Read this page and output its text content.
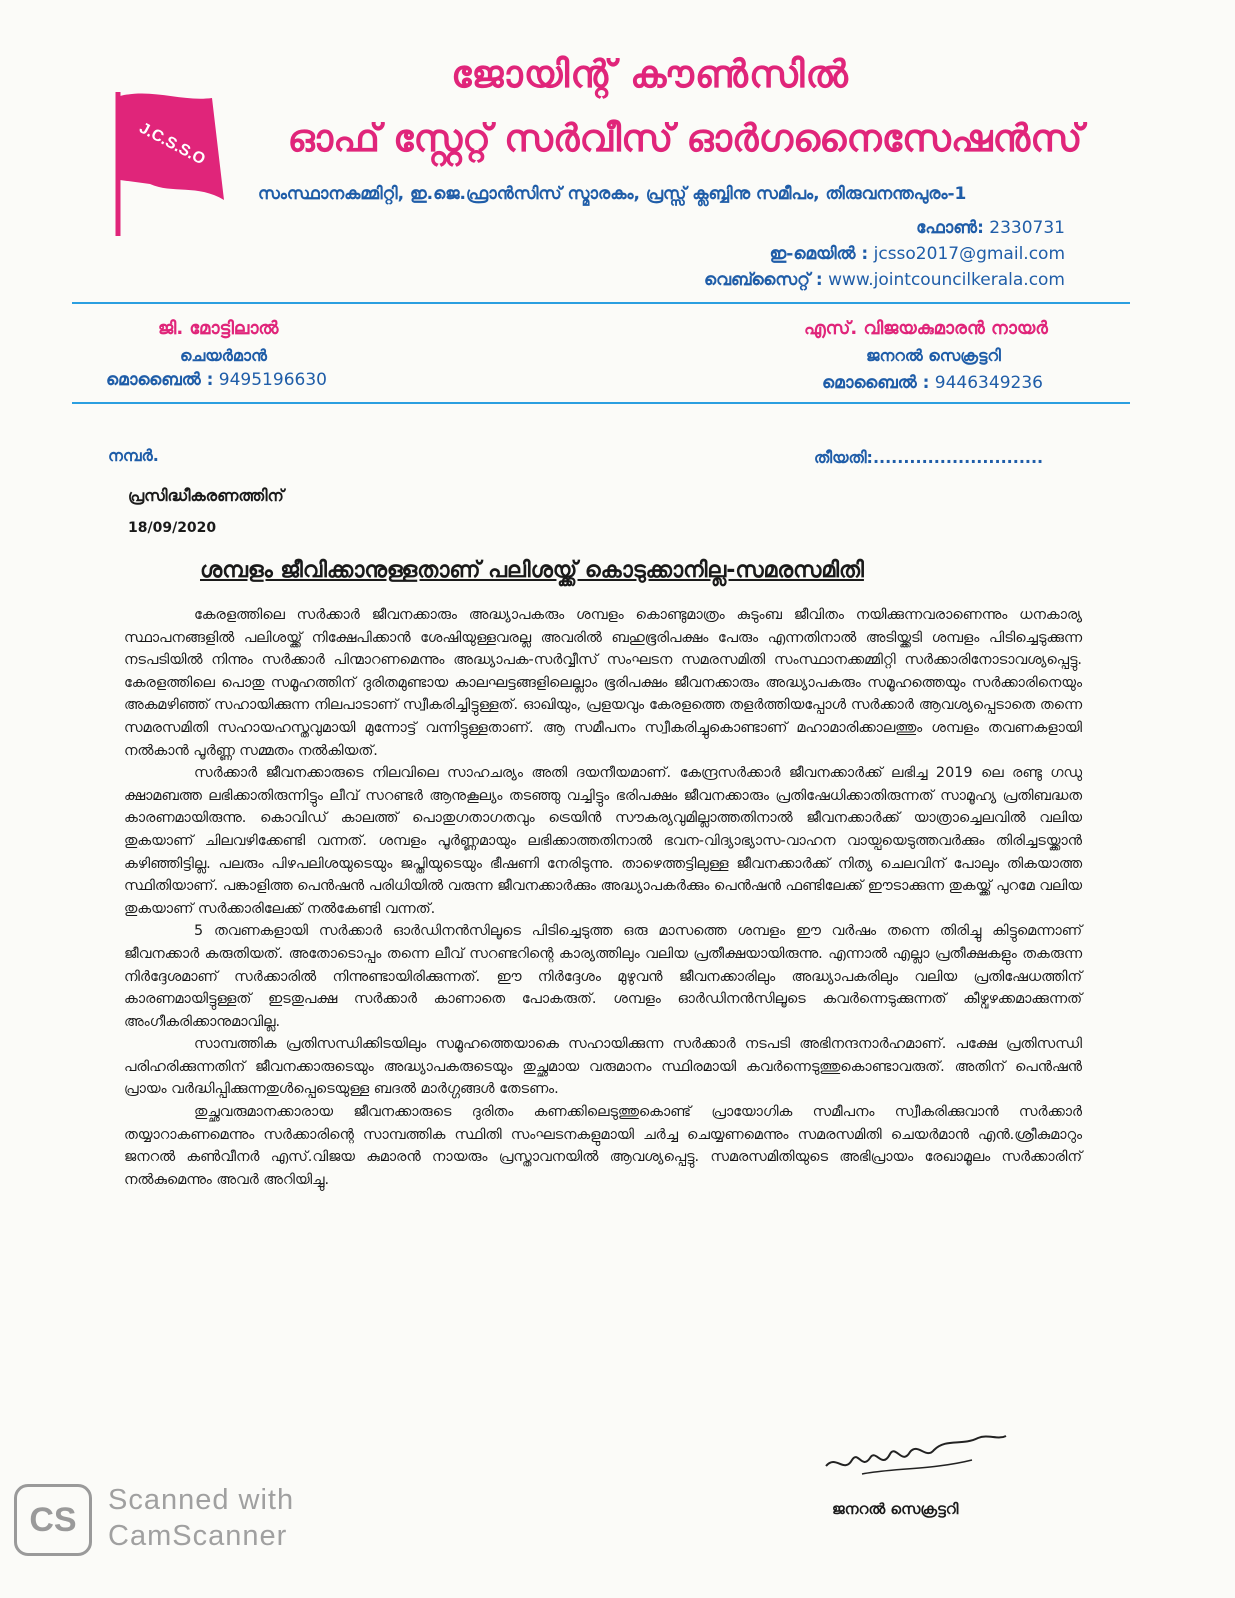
J.C.S.S.O
ജോയിന്റ് കൗൺസിൽ
ഓഫ് സ്റ്റേറ്റ് സർവീസ് ഓർഗനൈസേഷൻസ്
സംസ്ഥാനകമ്മിറ്റി, ഇ.ജെ.ഫ്രാൻസിസ് സ്മാരകം, പ്രസ്സ് ക്ലബ്ബിനു സമീപം, തിരുവനന്തപുരം-1
ഫോൺ: 2330731
ഇ-മെയിൽ : jcsso2017@gmail.com
വെബ്സൈറ്റ് : www.jointcouncilkerala.com
ജി. മോട്ടിലാൽ
ചെയർമാൻ
മൊബൈൽ : 9495196630
എസ്. വിജയകുമാരൻ നായർ
ജനറൽ സെക്രട്ടറി
മൊബൈൽ : 9446349236
നമ്പർ.	തീയതി:............................
പ്രസിദ്ധീകരണത്തിന്
18/09/2020
ശമ്പളം ജീവിക്കാനുള്ളതാണ് പലിശയ്ക്ക് കൊടുക്കാനില്ല-സമരസമിതി

കേരളത്തിലെ സർക്കാർ ജീവനക്കാരും അദ്ധ്യാപകരും ശമ്പളം കൊണ്ടുമാത്രം കുടുംബ ജീവിതം നയിക്കുന്നവരാണെന്നും ധനകാര്യ സ്ഥാപനങ്ങളിൽ പലിശയ്ക്ക് നിക്ഷേപിക്കാൻ ശേഷിയുള്ളവരല്ല അവരിൽ ബഹുഭൂരിപക്ഷം പേരും എന്നതിനാൽ അടിയ്ക്കടി ശമ്പളം പിടിച്ചെടുക്കുന്ന നടപടിയിൽ നിന്നും സർക്കാർ പിന്മാറണമെന്നും അദ്ധ്യാപക-സർവ്വീസ് സംഘടന സമരസമിതി സംസ്ഥാനക്കമ്മിറ്റി സർക്കാരിനോടാവശ്യപ്പെട്ടു. കേരളത്തിലെ പൊതു സമൂഹത്തിന് ദുരിതമുണ്ടായ കാലഘട്ടങ്ങളിലെല്ലാം ഭൂരിപക്ഷം ജീവനക്കാരും അദ്ധ്യാപകരും സമൂഹത്തെയും സർക്കാരിനെയും അകമഴിഞ്ഞ് സഹായിക്കുന്ന നിലപാടാണ് സ്വീകരിച്ചിട്ടുള്ളത്. ഓഖിയും, പ്രളയവും കേരളത്തെ തളർത്തിയപ്പോൾ സർക്കാർ ആവശ്യപ്പെടാതെ തന്നെ സമരസമിതി സഹായഹസ്തവുമായി മുന്നോട്ട് വന്നിട്ടുള്ളതാണ്. ആ സമീപനം സ്വീകരിച്ചുകൊണ്ടാണ് മഹാമാരിക്കാലത്തും ശമ്പളം തവണകളായി നൽകാൻ പൂർണ്ണ സമ്മതം നൽകിയത്.

സർക്കാർ ജീവനക്കാരുടെ നിലവിലെ സാഹചര്യം അതി ദയനീയമാണ്. കേന്ദ്രസർക്കാർ ജീവനക്കാർക്ക് ലഭിച്ച 2019 ലെ രണ്ടു ഗഡു ക്ഷാമബത്ത ലഭിക്കാതിരുന്നിട്ടും ലീവ് സറണ്ടർ ആനുകൂല്യം തടഞ്ഞു വച്ചിട്ടും ഭരിപക്ഷം ജീവനക്കാരും പ്രതിഷേധിക്കാതിരുന്നത് സാമൂഹ്യ പ്രതിബദ്ധത കാരണമായിരുന്നു. കൊവിഡ് കാലത്ത് പൊതുഗതാഗതവും ട്രെയിൻ സൗകര്യവുമില്ലാത്തതിനാൽ ജീവനക്കാർക്ക് യാത്രാച്ചെലവിൽ വലിയ തുകയാണ് ചിലവഴിക്കേണ്ടി വന്നത്. ശമ്പളം പൂർണ്ണമായും ലഭിക്കാത്തതിനാൽ ഭവന-വിദ്യാഭ്യാസ-വാഹന വായ്പയെടുത്തവർക്കും തിരിച്ചടയ്ക്കാൻ കഴിഞ്ഞിട്ടില്ല. പലരും പിഴപലിശയുടെയും ജപ്തിയുടെയും ഭീഷണി നേരിടുന്നു. താഴെത്തട്ടിലുള്ള ജീവനക്കാർക്ക് നിത്യ ചെലവിന് പോലും തികയാത്ത സ്ഥിതിയാണ്. പങ്കാളിത്ത പെൻഷൻ പരിധിയിൽ വരുന്ന ജീവനക്കാർക്കും അദ്ധ്യാപകർക്കും പെൻഷൻ ഫണ്ടിലേക്ക് ഈടാക്കുന്ന തുകയ്ക്ക് പുറമേ വലിയ തുകയാണ് സർക്കാരിലേക്ക് നൽകേണ്ടി വന്നത്.

5 തവണകളായി സർക്കാർ ഓർഡിനൻസിലൂടെ പിടിച്ചെടുത്ത ഒരു മാസത്തെ ശമ്പളം ഈ വർഷം തന്നെ തിരിച്ചു കിട്ടുമെന്നാണ് ജീവനക്കാർ കരുതിയത്. അതോടൊപ്പം തന്നെ ലീവ് സറണ്ടറിന്റെ കാര്യത്തിലും വലിയ പ്രതീക്ഷയായിരുന്നു. എന്നാൽ എല്ലാ പ്രതീക്ഷകളും തകരുന്ന നിർദ്ദേശമാണ് സർക്കാരിൽ നിന്നുണ്ടായിരിക്കുന്നത്. ഈ നിർദ്ദേശം മുഴുവൻ ജീവനക്കാരിലും അദ്ധ്യാപകരിലും വലിയ പ്രതിഷേധത്തിന് കാരണമായിട്ടുള്ളത് ഇടതുപക്ഷ സർക്കാർ കാണാതെ പോകരുത്. ശമ്പളം ഓർഡിനൻസിലൂടെ കവർന്നെടുക്കുന്നത് കീഴ്വഴക്കമാക്കുന്നത് അംഗീകരിക്കാനുമാവില്ല.

സാമ്പത്തിക പ്രതിസന്ധിക്കിടയിലും സമൂഹത്തെയാകെ സഹായിക്കുന്ന സർക്കാർ നടപടി അഭിനന്ദനാർഹമാണ്. പക്ഷേ പ്രതിസന്ധി പരിഹരിക്കുന്നതിന് ജീവനക്കാരുടെയും അദ്ധ്യാപകരുടെയും തുച്ഛമായ വരുമാനം സ്ഥിരമായി കവർന്നെടുത്തുകൊണ്ടാവരുത്. അതിന് പെൻഷൻ പ്രായം വർദ്ധിപ്പിക്കുന്നതുൾപ്പെടെയുള്ള ബദൽ മാർഗ്ഗങ്ങൾ തേടണം.

തുച്ഛവരുമാനക്കാരായ ജീവനക്കാരുടെ ദുരിതം കണക്കിലെടുത്തുകൊണ്ട് പ്രായോഗിക സമീപനം സ്വീകരിക്കുവാൻ സർക്കാർ തയ്യാറാകണമെന്നും സർക്കാരിന്റെ സാമ്പത്തിക സ്ഥിതി സംഘടനകളുമായി ചർച്ച ചെയ്യണമെന്നും സമരസമിതി ചെയർമാൻ എൻ.ശ്രീകുമാറും ജനറൽ കൺവീനർ എസ്.വിജയ കുമാരൻ നായരും പ്രസ്താവനയിൽ ആവശ്യപ്പെട്ടു. സമരസമിതിയുടെ അഭിപ്രായം രേഖാമൂലം സർക്കാരിന് നൽകുമെന്നും അവർ അറിയിച്ചു.

ജനറൽ സെക്രട്ടറി
CS
Scanned with
CamScanner
